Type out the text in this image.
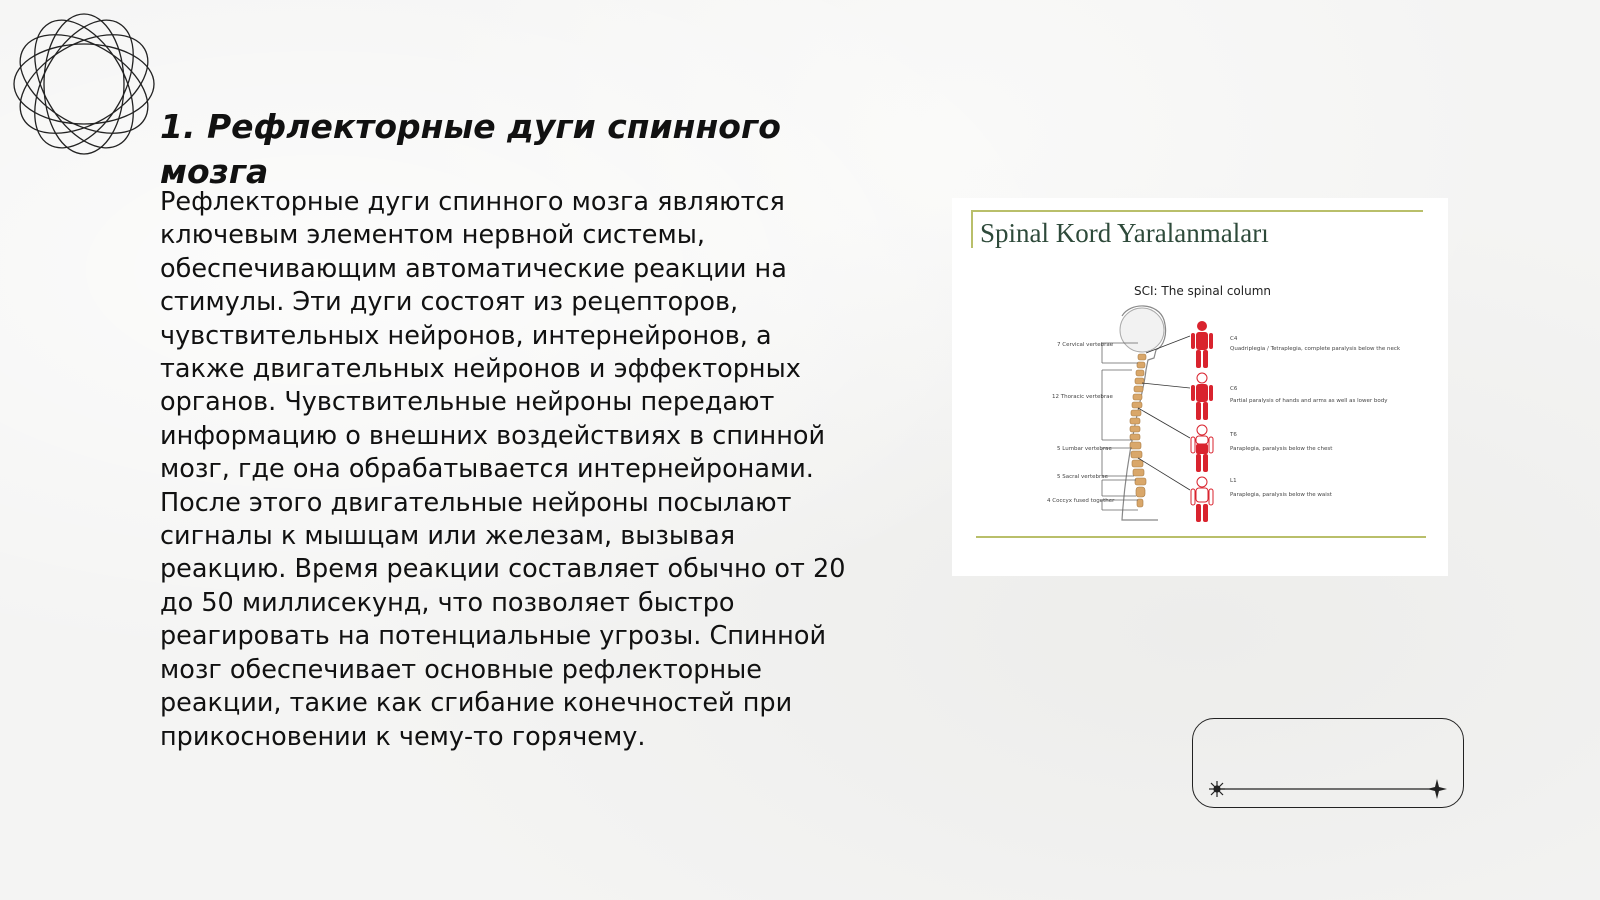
1. Рефлекторные дуги спинного мозга

Рефлекторные дуги спинного мозга являются ключевым элементом нервной системы, обеспечивающим автоматические реакции на стимулы. Эти дуги состоят из рецепторов, чувствительных нейронов, интернейронов, а также двигательных нейронов и эффекторных органов. Чувствительные нейроны передают информацию о внешних воздействиях в спинной мозг, где она обрабатывается интернейронами. После этого двигательные нейроны посылают сигналы к мышцам или железам, вызывая реакцию. Время реакции составляет обычно от 20 до 50 миллисекунд, что позволяет быстро реагировать на потенциальные угрозы. Спинной мозг обеспечивает основные рефлекторные реакции, такие как сгибание конечностей при прикосновении к чему-то горячему.

Spinal Kord Yaralanmaları
SCI: The spinal column
7 Cervical vertebrae
12 Thoracic vertebrae
5 Lumbar vertebrae
5 Sacral vertebrae
4 Coccyx fused together
C4
Quadriplegia / Tetraplegia, complete paralysis below the neck
C6
Partial paralysis of hands and arms as well as lower body
T6
Paraplegia, paralysis below the chest
L1
Paraplegia, paralysis below the waist
